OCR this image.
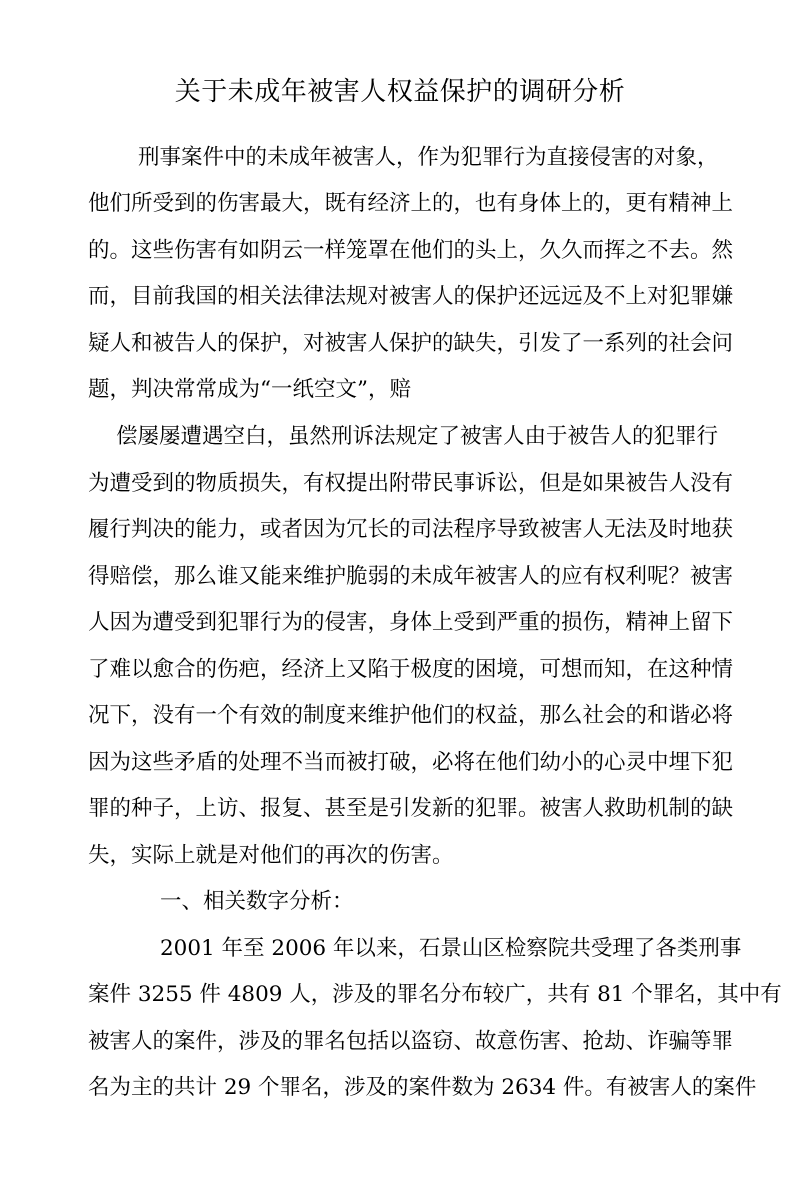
关于未成年被害人权益保护的调研分析
刑事案件中的未成年被害人，作为犯罪行为直接侵害的对象，
他们所受到的伤害最大，既有经济上的，也有身体上的，更有精神上
的。这些伤害有如阴云一样笼罩在他们的头上，久久而挥之不去。然
而，目前我国的相关法律法规对被害人的保护还远远及不上对犯罪嫌
疑人和被告人的保护，对被害人保护的缺失，引发了一系列的社会问
题，判决常常成为“一纸空文”，赔
偿屡屡遭遇空白，虽然刑诉法规定了被害人由于被告人的犯罪行
为遭受到的物质损失，有权提出附带民事诉讼，但是如果被告人没有
履行判决的能力，或者因为冗长的司法程序导致被害人无法及时地获
得赔偿，那么谁又能来维护脆弱的未成年被害人的应有权利呢？被害
人因为遭受到犯罪行为的侵害，身体上受到严重的损伤，精神上留下
了难以愈合的伤疤，经济上又陷于极度的困境，可想而知，在这种情
况下，没有一个有效的制度来维护他们的权益，那么社会的和谐必将
因为这些矛盾的处理不当而被打破，必将在他们幼小的心灵中埋下犯
罪的种子，上访、报复、甚至是引发新的犯罪。被害人救助机制的缺
失，实际上就是对他们的再次的伤害。
一、相关数字分析：
2001 年至 2006 年以来，石景山区检察院共受理了各类刑事
案件 3255 件 4809 人，涉及的罪名分布较广，共有 81 个罪名，其中有
被害人的案件，涉及的罪名包括以盗窃、故意伤害、抢劫、诈骗等罪
名为主的共计 29 个罪名，涉及的案件数为 2634 件。有被害人的案件
